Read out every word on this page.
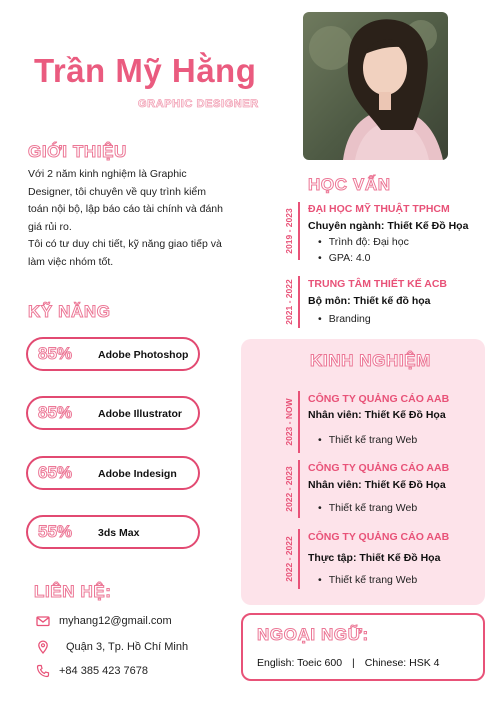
Trần Mỹ Hằng
GRAPHIC DESIGNER
GIỚI THIỆU

Với 2 năm kinh nghiệm là Graphic Designer, tôi chuyên về quy trình kiểm toán nội bộ, lập báo cáo tài chính và đánh giá rủi ro.

Tôi có tư duy chi tiết, kỹ năng giao tiếp và làm việc nhóm tốt.

KỸ NĂNG
85% Adobe Photoshop
85% Adobe Illustrator
65% Adobe Indesign
55% 3ds Max
LIÊN HỆ:
myhang12@gmail.com
Quận 3, Tp. Hồ Chí Minh
+84 385 423 7678
HỌC VẤN
2019 - 2023 ĐẠI HỌC MỸ THUẬT TPHCM
Chuyên ngành: Thiết Kế Đồ Họa
• Trình độ: Đại học
• GPA: 4.0
2021 - 2022 TRUNG TÂM THIẾT KẾ ACB
Bộ môn: Thiết kế đồ họa
• Branding
KINH NGHIỆM
2023 - NOW CÔNG TY QUẢNG CÁO AAB
Nhân viên: Thiết Kế Đồ Họa
• Thiết kế trang Web
2022 - 2023 CÔNG TY QUẢNG CÁO AAB
Nhân viên: Thiết Kế Đồ Họa
• Thiết kế trang Web
2022 - 2022 CÔNG TY QUẢNG CÁO AAB
Thực tập: Thiết Kế Đồ Họa
• Thiết kế trang Web
NGOẠI NGỮ:
English: Toeic 600 | Chinese: HSK 4
